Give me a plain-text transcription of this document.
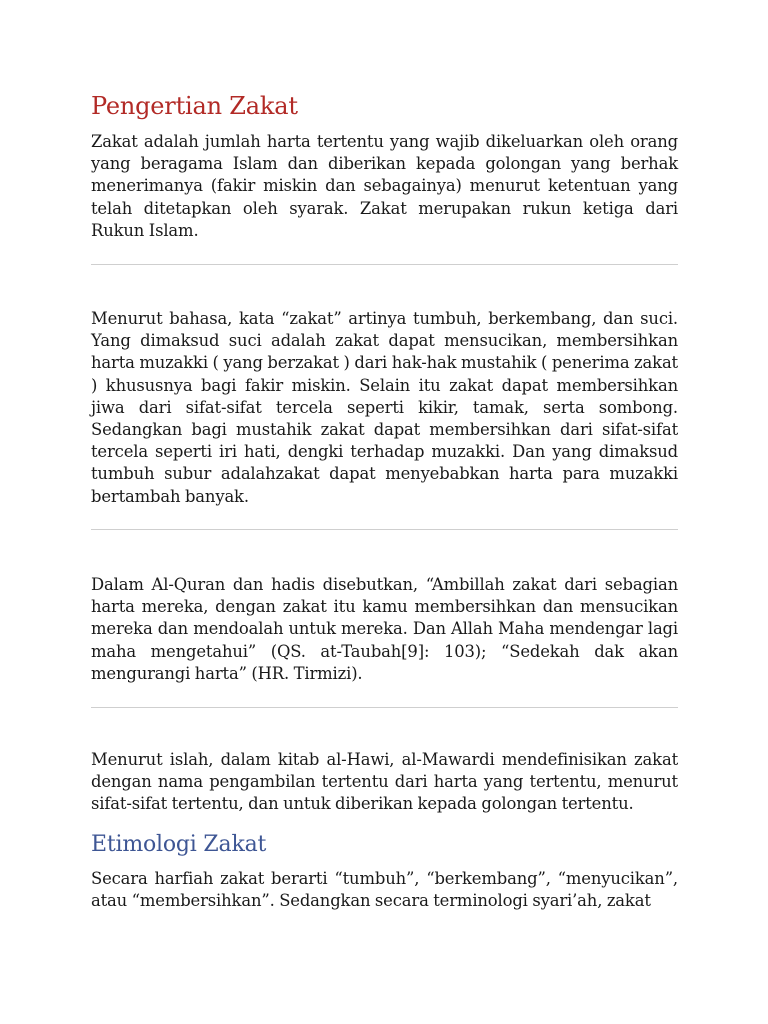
Pengertian Zakat

Zakat adalah jumlah harta tertentu yang wajib dikeluarkan oleh orang yang beragama Islam dan diberikan kepada golongan yang berhak menerimanya (fakir miskin dan sebagainya) menurut ketentuan yang telah ditetapkan oleh syarak. Zakat merupakan rukun ketiga dari Rukun Islam.

Menurut bahasa, kata “zakat” artinya tumbuh, berkembang, dan suci. Yang dimaksud suci adalah zakat dapat mensucikan, membersihkan harta muzakki ( yang berzakat ) dari hak-hak mustahik ( penerima zakat ) khususnya bagi fakir miskin. Selain itu zakat dapat membersihkan jiwa dari sifat-sifat tercela seperti kikir, tamak, serta sombong. Sedangkan bagi mustahik zakat dapat membersihkan dari sifat-sifat tercela seperti iri hati, dengki terhadap muzakki. Dan yang dimaksud tumbuh subur adalahzakat dapat menyebabkan harta para muzakki bertambah banyak.

Dalam Al-Quran dan hadis disebutkan, “Ambillah zakat dari sebagian harta mereka, dengan zakat itu kamu membersihkan dan mensucikan mereka dan mendoalah untuk mereka. Dan Allah Maha mendengar lagi maha mengetahui” (QS. at-Taubah[9]: 103); “Sedekah dak akan mengurangi harta” (HR. Tirmizi).

Menurut islah, dalam kitab al-Hawi, al-Mawardi mendefinisikan zakat dengan nama pengambilan tertentu dari harta yang tertentu, menurut sifat-sifat tertentu, dan untuk diberikan kepada golongan tertentu.

Etimologi Zakat

Secara harfiah zakat berarti “tumbuh”, “berkembang”, “menyucikan”, atau “membersihkan”. Sedangkan secara terminologi syari’ah, zakat
